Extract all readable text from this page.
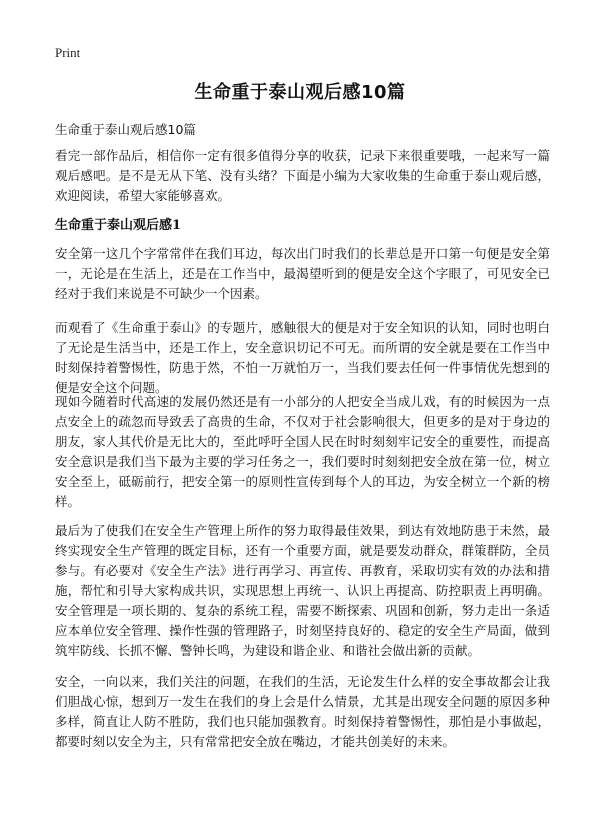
Print
生命重于泰山观后感10篇

生命重于泰山观后感10篇

看完一部作品后，相信你一定有很多值得分享的收获，记录下来很重要哦，一起来写一篇观后感吧。是不是无从下笔、没有头绪？下面是小编为大家收集的生命重于泰山观后感，欢迎阅读，希望大家能够喜欢。

生命重于泰山观后感1

安全第一这几个字常常伴在我们耳边，每次出门时我们的长辈总是开口第一句便是安全第一，无论是在生活上，还是在工作当中，最渴望听到的便是安全这个字眼了，可见安全已经对于我们来说是不可缺少一个因素。

而观看了《生命重于泰山》的专题片，感触很大的便是对于安全知识的认知，同时也明白了无论是生活当中，还是工作上，安全意识切记不可无。而所谓的安全就是要在工作当中时刻保持着警惕性，防患于然，不怕一万就怕万一，当我们要去任何一件事情优先想到的便是安全这个问题。

现如今随着时代高速的发展仍然还是有一小部分的人把安全当成儿戏，有的时候因为一点点安全上的疏忽而导致丢了高贵的生命，不仅对于社会影响很大，但更多的是对于身边的朋友，家人其代价是无比大的，至此呼吁全国人民在时时刻刻牢记安全的重要性，而提高安全意识是我们当下最为主要的学习任务之一，我们要时时刻刻把安全放在第一位，树立安全至上，砥砺前行，把安全第一的原则性宣传到每个人的耳边，为安全树立一个新的榜样。

最后为了使我们在安全生产管理上所作的努力取得最佳效果，到达有效地防患于未然，最终实现安全生产管理的既定目标，还有一个重要方面，就是要发动群众，群策群防，全员参与。有必要对《安全生产法》进行再学习、再宣传、再教育，采取切实有效的办法和措施，帮忙和引导大家构成共识，实现思想上再统一、认识上再提高、防控职责上再明确。安全管理是一项长期的、复杂的系统工程，需要不断探索、巩固和创新，努力走出一条适应本单位安全管理、操作性强的管理路子，时刻坚持良好的、稳定的安全生产局面，做到筑牢防线、长抓不懈、警钟长鸣，为建设和谐企业、和谐社会做出新的贡献。

安全，一向以来，我们关注的问题，在我们的生活，无论发生什么样的安全事故都会让我们胆战心惊，想到万一发生在我们的身上会是什么情景，尤其是出现安全问题的原因多种多样，简直让人防不胜防，我们也只能加强教育。时刻保持着警惕性，那怕是小事做起，都要时刻以安全为主，只有常常把安全放在嘴边，才能共创美好的未来。
